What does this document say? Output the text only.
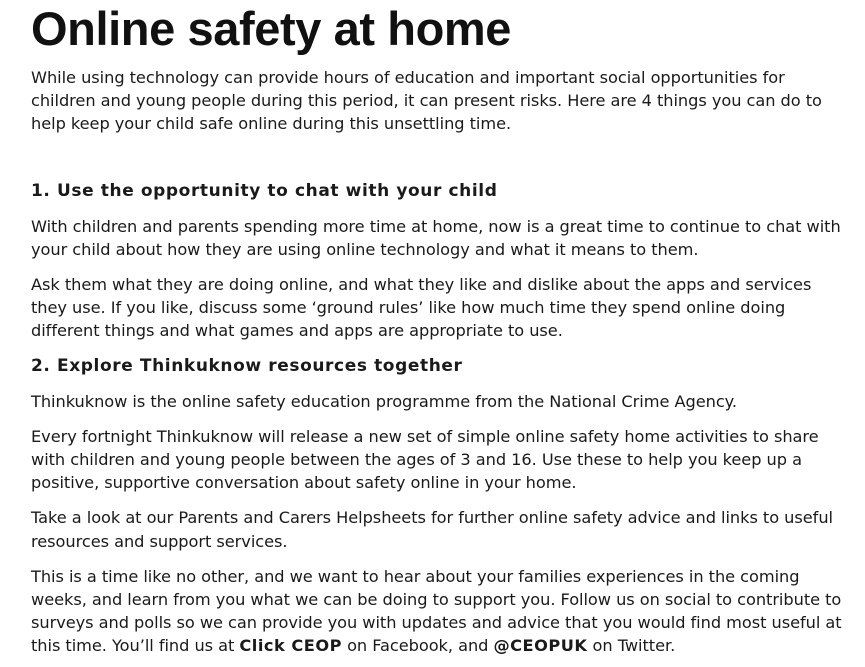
Online safety at home

While using technology can provide hours of education and important social opportunities for children and young people during this period, it can present risks. Here are 4 things you can do to help keep your child safe online during this unsettling time.

1. Use the opportunity to chat with your child

With children and parents spending more time at home, now is a great time to continue to chat with your child about how they are using online technology and what it means to them.

Ask them what they are doing online, and what they like and dislike about the apps and services they use. If you like, discuss some ‘ground rules’ like how much time they spend online doing different things and what games and apps are appropriate to use.

2. Explore Thinkuknow resources together

Thinkuknow is the online safety education programme from the National Crime Agency.

Every fortnight Thinkuknow will release a new set of simple online safety home activities to share with children and young people between the ages of 3 and 16. Use these to help you keep up a positive, supportive conversation about safety online in your home.

Take a look at our Parents and Carers Helpsheets for further online safety advice and links to useful resources and support services.

This is a time like no other, and we want to hear about your families experiences in the coming weeks, and learn from you what we can be doing to support you. Follow us on social to contribute to surveys and polls so we can provide you with updates and advice that you would find most useful at this time. You’ll find us at Click CEOP on Facebook, and @CEOPUK on Twitter.
